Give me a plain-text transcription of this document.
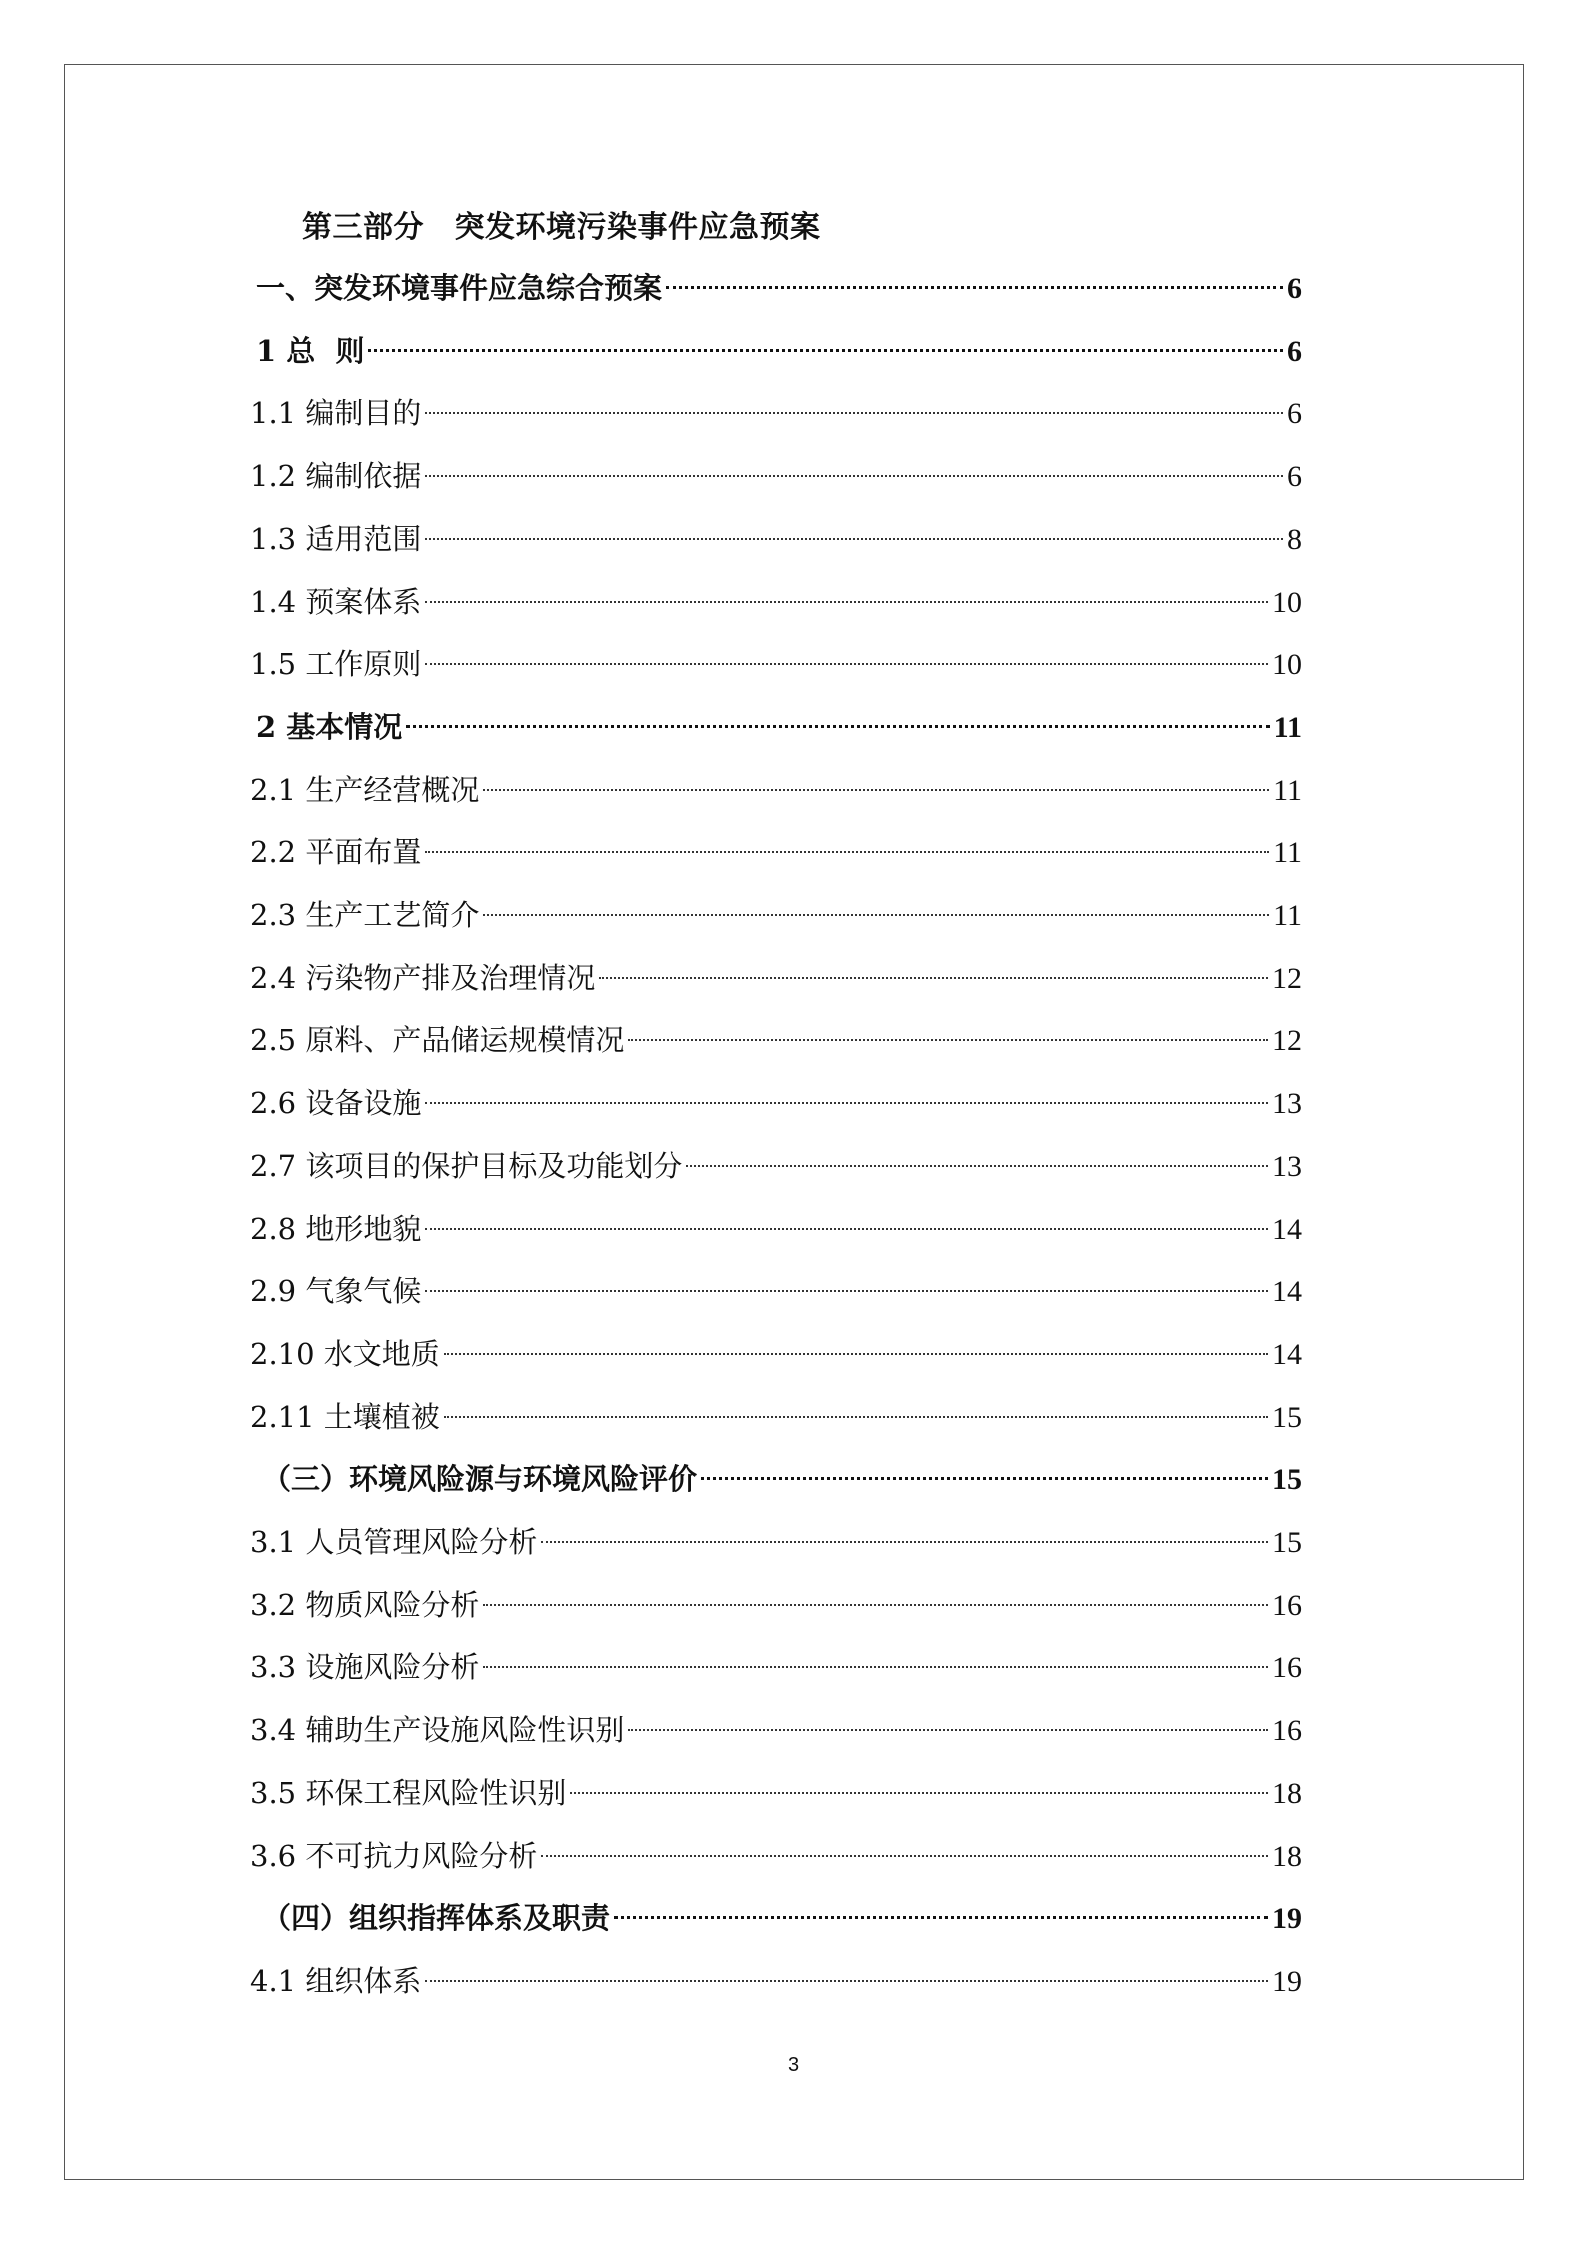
第三部分　突发环境污染事件应急预案
一、突发环境事件应急综合预案	6
1 总  则	6
1.1 编制目的	6
1.2 编制依据	6
1.3 适用范围	8
1.4 预案体系	10
1.5 工作原则	10
2 基本情况	11
2.1 生产经营概况	11
2.2 平面布置	11
2.3 生产工艺简介	11
2.4 污染物产排及治理情况	12
2.5 原料、产品储运规模情况	12
2.6 设备设施	13
2.7 该项目的保护目标及功能划分	13
2.8 地形地貌	14
2.9 气象气候	14
2.10 水文地质	14
2.11 土壤植被	15
（三）环境风险源与环境风险评价	15
3.1 人员管理风险分析	15
3.2 物质风险分析	16
3.3 设施风险分析	16
3.4 辅助生产设施风险性识别	16
3.5 环保工程风险性识别	18
3.6 不可抗力风险分析	18
（四）组织指挥体系及职责	19
4.1 组织体系	19
3
